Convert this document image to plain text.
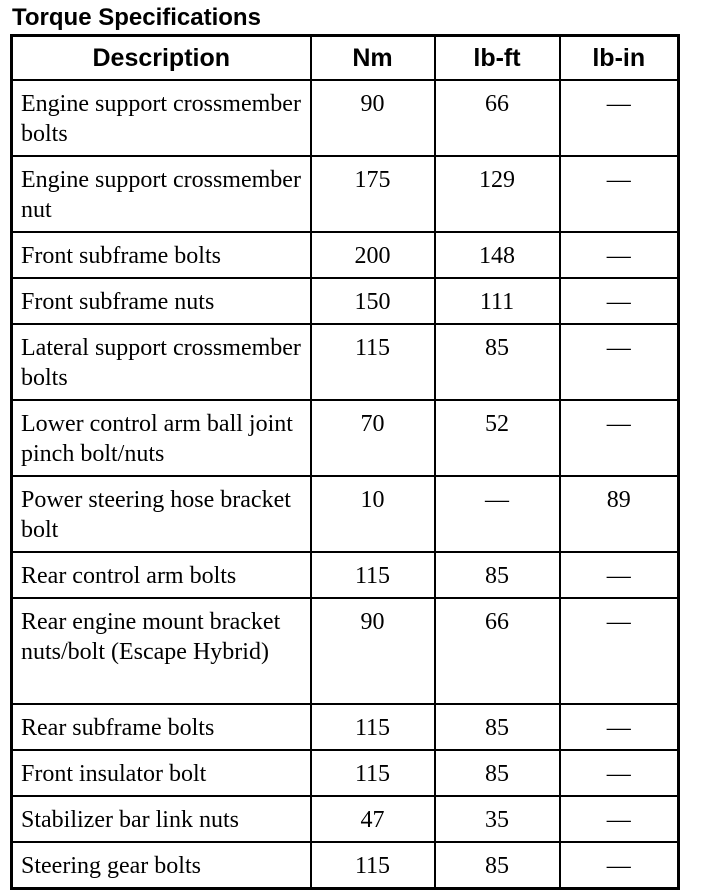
Torque Specifications
Description	Nm	lb-ft	lb-in
Engine support crossmember bolts	90	66	—
Engine support crossmember nut	175	129	—
Front subframe bolts	200	148	—
Front subframe nuts	150	111	—
Lateral support crossmember bolts	115	85	—
Lower control arm ball joint pinch bolt/nuts	70	52	—
Power steering hose bracket bolt	10	—	89
Rear control arm bolts	115	85	—
Rear engine mount bracket nuts/bolt (Escape Hybrid)	90	66	—
Rear subframe bolts	115	85	—
Front insulator bolt	115	85	—
Stabilizer bar link nuts	47	35	—
Steering gear bolts	115	85	—
